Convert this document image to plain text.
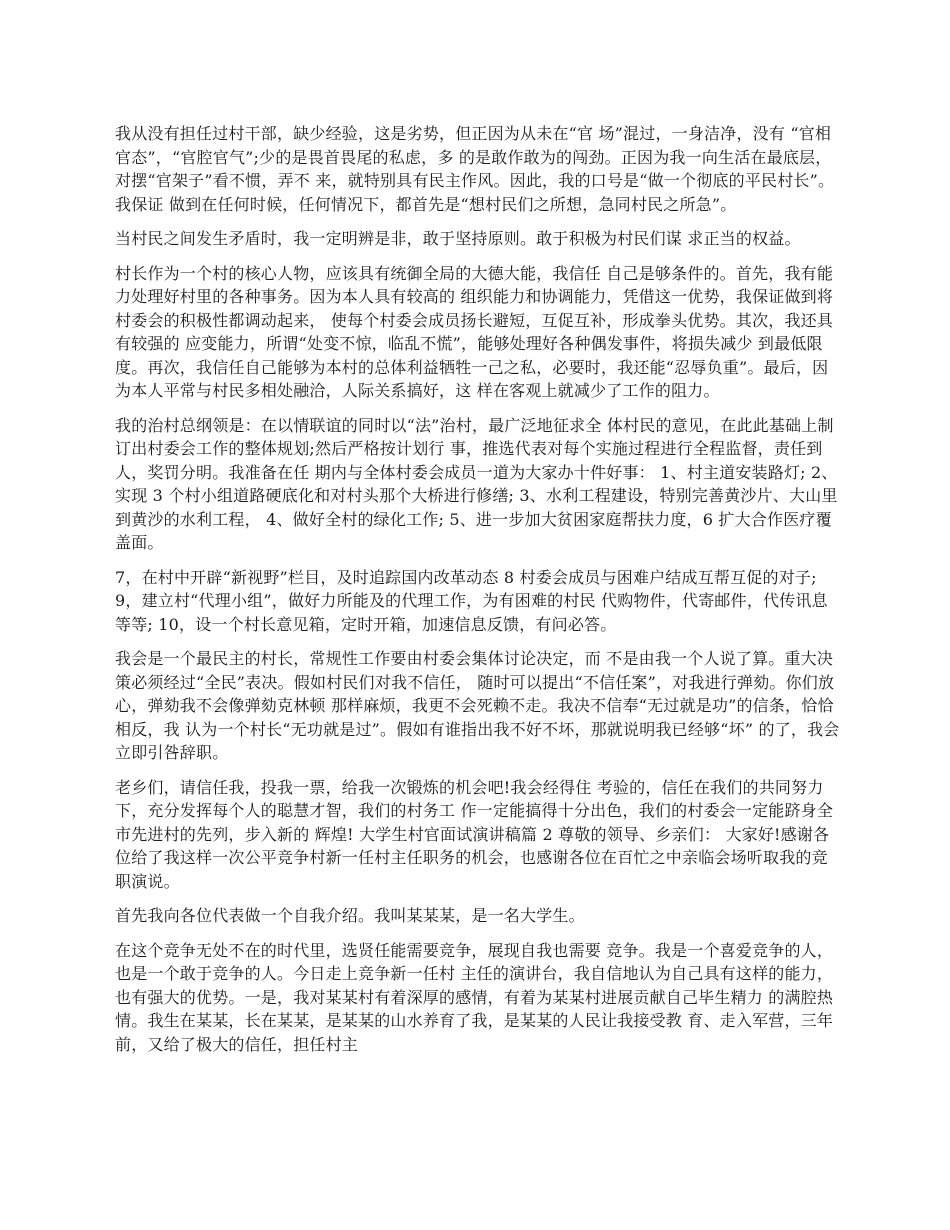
我从没有担任过村干部，缺少经验，这是劣势，但正因为从未在“官 场”混过，一身洁净，没有 “官相官态”，“官腔官气”;少的是畏首畏尾的私虑，多 的是敢作敢为的闯劲。正因为我一向生活在最底层，对摆“官架子”看不惯，弄不 来，就特别具有民主作风。因此，我的口号是“做一个彻底的平民村长”。我保证 做到在任何时候，任何情况下，都首先是“想村民们之所想，急同村民之所急”。

当村民之间发生矛盾时，我一定明辨是非，敢于坚持原则。敢于积极为村民们谋 求正当的权益。

村长作为一个村的核心人物，应该具有统御全局的大德大能，我信任 自己是够条件的。首先，我有能力处理好村里的各种事务。因为本人具有较高的 组织能力和协调能力，凭借这一优势，我保证做到将村委会的积极性都调动起来， 使每个村委会成员扬长避短，互促互补，形成拳头优势。其次，我还具有较强的 应变能力，所谓“处变不惊，临乱不慌”，能够处理好各种偶发事件，将损失减少 到最低限度。再次，我信任自己能够为本村的总体利益牺牲一己之私，必要时，我还能“忍辱负重”。最后，因为本人平常与村民多相处融洽，人际关系搞好，这 样在客观上就减少了工作的阻力。

我的治村总纲领是：在以情联谊的同时以“法”治村，最广泛地征求全 体村民的意见，在此此基础上制订出村委会工作的整体规划;然后严格按计划行 事，推选代表对每个实施过程进行全程监督，责任到人，奖罚分明。我准备在任 期内与全体村委会成员一道为大家办十件好事： 1、村主道安装路灯; 2、实现 3 个村小组道路硬底化和对村头那个大桥进行修缮; 3、水利工程建设，特别完善黄沙片、大山里到黄沙的水利工程， 4、做好全村的绿化工作; 5、进一步加大贫困家庭帮扶力度，6 扩大合作医疗覆盖面。

7，在村中开辟“新视野”栏目，及时追踪国内改革动态 8 村委会成员与困难户结成互帮互促的对子; 9，建立村“代理小组”，做好力所能及的代理工作，为有困难的村民 代购物件，代寄邮件，代传讯息等等; 10，设一个村长意见箱，定时开箱，加速信息反馈，有问必答。

我会是一个最民主的村长，常规性工作要由村委会集体讨论决定，而 不是由我一个人说了算。重大决策必须经过“全民”表决。假如村民们对我不信任， 随时可以提出“不信任案”，对我进行弹劾。你们放心，弹劾我不会像弹劾克林顿 那样麻烦，我更不会死赖不走。我决不信奉“无过就是功”的信条，恰恰相反，我 认为一个村长“无功就是过”。假如有谁指出我不好不坏，那就说明我已经够“坏” 的了，我会立即引咎辞职。

老乡们，请信任我，投我一票，给我一次锻炼的机会吧!我会经得住 考验的，信任在我们的共同努力下，充分发挥每个人的聪慧才智，我们的村务工 作一定能搞得十分出色，我们的村委会一定能跻身全市先进村的先列，步入新的 辉煌! 大学生村官面试演讲稿篇 2 尊敬的领导、乡亲们： 大家好!感谢各位给了我这样一次公平竞争村新一任村主任职务的机会，也感谢各位在百忙之中亲临会场听取我的竞职演说。

首先我向各位代表做一个自我介绍。我叫某某某，是一名大学生。

在这个竞争无处不在的时代里，选贤任能需要竞争，展现自我也需要 竞争。我是一个喜爱竞争的人，也是一个敢于竞争的人。今日走上竞争新一任村 主任的演讲台，我自信地认为自己具有这样的能力，也有强大的优势。一是，我对某某村有着深厚的感情，有着为某某村进展贡献自己毕生精力 的满腔热情。我生在某某，长在某某，是某某的山水养育了我，是某某的人民让我接受教 育、走入军营，三年前，又给了极大的信任，担任村主
